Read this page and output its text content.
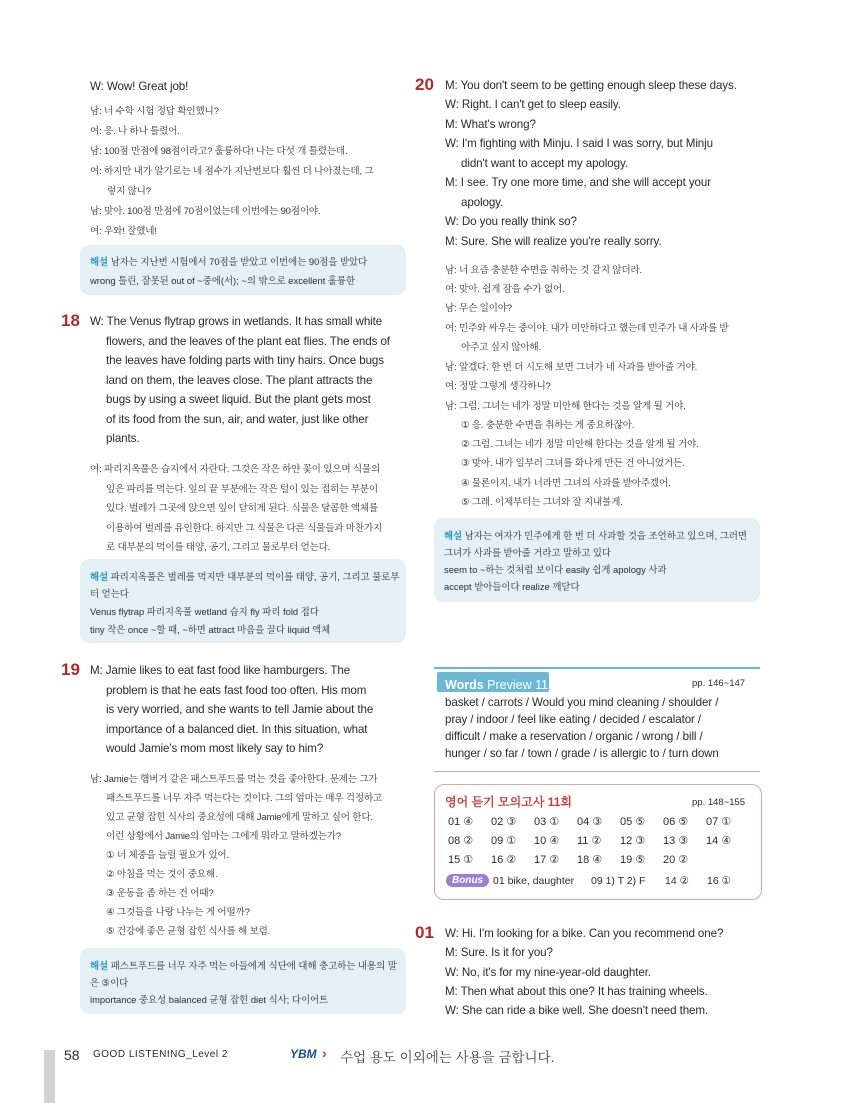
W: Wow! Great job!
남: 너 수학 시험 정답 확인했니?
여: 응. 나 하나 틀렸어.
남: 100점 만점에 98점이라고? 훌륭하다! 나는 다섯 개 틀렸는데.
여: 하지만 내가 알기로는 네 점수가 지난번보다 훨씬 더 나아졌는데, 그
렇지 않니?
남: 맞아. 100점 만점에 70점이었는데 이번에는 90점이야.
여: 우와! 잘했네!
해설 남자는 지난번 시험에서 70점을 받았고 이번에는 90점을 받았다
wrong 틀린, 잘못된 out of ~중에(서); ~의 밖으로 excellent 훌륭한
18 W: The Venus flytrap grows in wetlands. It has small white
flowers, and the leaves of the plant eat flies. The ends of
the leaves have folding parts with tiny hairs. Once bugs
land on them, the leaves close. The plant attracts the
bugs by using a sweet liquid. But the plant gets most
of its food from the sun, air, and water, just like other
plants.
여: 파리지옥풀은 습지에서 자란다. 그것은 작은 하얀 꽃이 있으며 식물의
잎은 파리를 먹는다. 잎의 끝 부분에는 작은 털이 있는 접히는 부분이
있다. 벌레가 그곳에 앉으면 잎이 닫히게 된다. 식물은 달콤한 액체를
이용하여 벌레를 유인한다. 하지만 그 식물은 다른 식물들과 마찬가지
로 대부분의 먹이를 태양, 공기, 그리고 물로부터 얻는다.
해설 파리지옥풀은 벌레를 먹지만 대부분의 먹이를 태양, 공기, 그리고 물로부
터 얻는다
Venus flytrap 파리지옥풀 wetland 습지 fly 파리 fold 접다
tiny 작은 once ~할 때, ~하면 attract 마음을 끌다 liquid 액체
19 M: Jamie likes to eat fast food like hamburgers. The
problem is that he eats fast food too often. His mom
is very worried, and she wants to tell Jamie about the
importance of a balanced diet. In this situation, what
would Jamie's mom most likely say to him?
남: Jamie는 햄버거 같은 패스트푸드를 먹는 것을 좋아한다. 문제는 그가
패스트푸드를 너무 자주 먹는다는 것이다. 그의 엄마는 매우 걱정하고
있고 균형 잡힌 식사의 중요성에 대해 Jamie에게 말하고 싶어 한다.
이런 상황에서 Jamie의 엄마는 그에게 뭐라고 말하겠는가?
① 너 체중을 늘릴 필요가 있어.
② 아침을 먹는 것이 중요해.
③ 운동을 좀 하는 건 어때?
④ 그것들을 나랑 나누는 게 어떨까?
⑤ 건강에 좋은 균형 잡힌 식사를 해 보렴.
해설 패스트푸드를 너무 자주 먹는 아들에게 식단에 대해 충고하는 내용의 말
은 ⑤이다
importance 중요성 balanced 균형 잡힌 diet 식사; 다이어트
20 M: You don't seem to be getting enough sleep these days.
W: Right. I can't get to sleep easily.
M: What's wrong?
W: I'm fighting with Minju. I said I was sorry, but Minju
didn't want to accept my apology.
M: I see. Try one more time, and she will accept your
apology.
W: Do you really think so?
M: Sure. She will realize you're really sorry.
남: 너 요즘 충분한 수면을 취하는 것 같지 않더라.
여: 맞아. 쉽게 잠을 수가 없어.
남: 무슨 일이야?
여: 민주와 싸우는 중이야. 내가 미안하다고 했는데 민주가 내 사과를 받
아주고 싶지 않아해.
남: 알겠다. 한 번 더 시도해 보면 그녀가 네 사과를 받아줄 거야.
여: 정말 그렇게 생각하니?
남: 그럼. 그녀는 네가 정말 미안해 한다는 것을 알게 될 거야.
① 응. 충분한 수면을 취하는 게 중요하잖아.
② 그럼. 그녀는 네가 정말 미안해 한다는 것을 알게 될 거야.
③ 맞아. 내가 일부러 그녀를 화나게 만든 건 아니었거든.
④ 물론이지. 내가 너라면 그녀의 사과를 받아주겠어.
⑤ 그래. 이제부터는 그녀와 잘 지내볼게.
해설 남자는 여자가 민주에게 한 번 더 사과할 것을 조언하고 있으며, 그러면
그녀가 사과를 받아줄 거라고 말하고 있다
seem to ~하는 것처럼 보이다 easily 쉽게 apology 사과
accept 받아들이다 realize 깨닫다
Words Preview 11회	pp. 146~147
basket / carrots / Would you mind cleaning / shoulder /
pray / indoor / feel like eating / decided / escalator /
difficult / make a reservation / organic / wrong / bill /
hunger / so far / town / grade / is allergic to / turn down
영어 듣기 모의고사 11회	pp. 148~155
01 ④ 02 ③ 03 ① 04 ③ 05 ⑤ 06 ⑤ 07 ①
08 ② 09 ① 10 ④ 11 ② 12 ③ 13 ③ 14 ④
15 ① 16 ② 17 ② 18 ④ 19 ⑤ 20 ②
Bonus 01 bike, daughter 09 1) T 2) F 14 ② 16 ①
01 W: Hi. I'm looking for a bike. Can you recommend one?
M: Sure. Is it for you?
W: No, it's for my nine-year-old daughter.
M: Then what about this one? It has training wheels.
W: She can ride a bike well. She doesn't need them.
58 GOOD LISTENING_Level 2	YBM › 수업 용도 이외에는 사용을 금합니다.
